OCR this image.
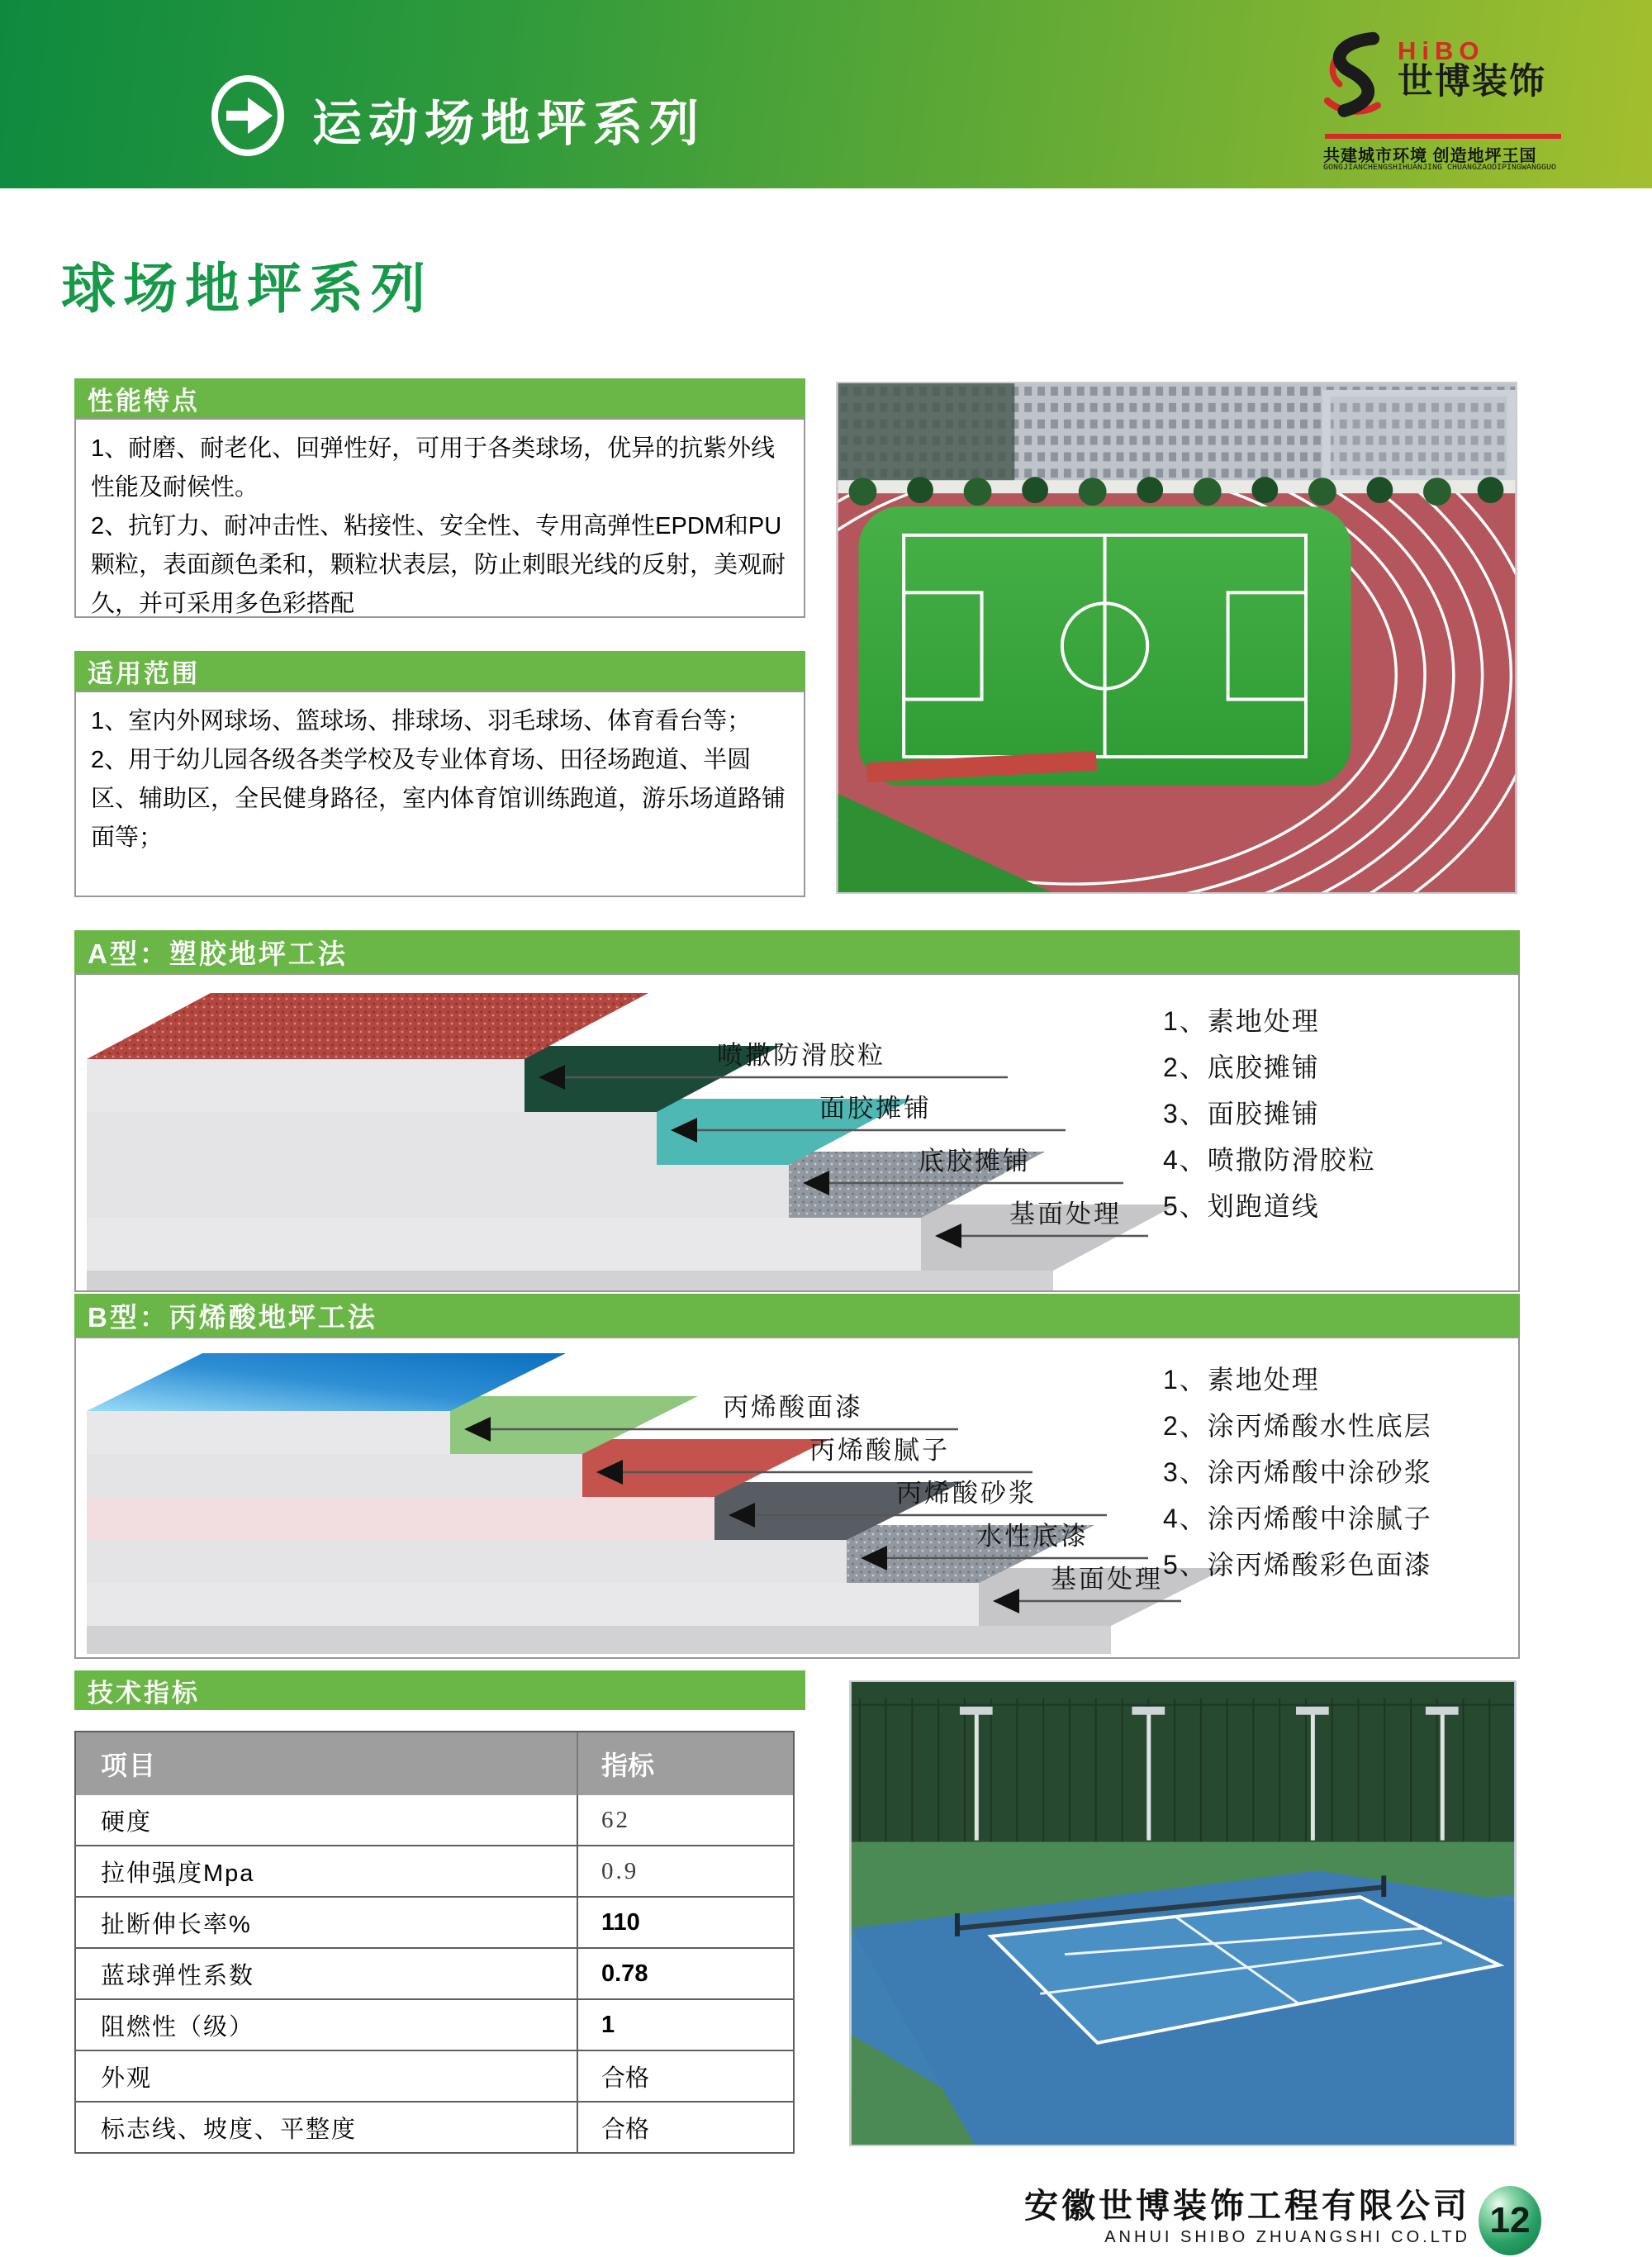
运动场地坪系列
HiBO
世博装饰
共建城市环境 创造地坪王国
GONGJIANCHENGSHIHUANJING CHUANGZAODIPINGWANGGUO
球场地坪系列
性能特点

1、耐磨、耐老化、回弹性好，可用于各类球场，优异的抗紫外线性能及耐候性。

2、抗钉力、耐冲击性、粘接性、安全性、专用高弹性EPDM和PU颗粒，表面颜色柔和，颗粒状表层，防止刺眼光线的反射，美观耐久，并可采用多色彩搭配

适用范围

1、室内外网球场、篮球场、排球场、羽毛球场、体育看台等；

2、用于幼儿园各级各类学校及专业体育场、田径场跑道、半圆区、辅助区，全民健身路径，室内体育馆训练跑道，游乐场道路铺面等；

A型：塑胶地坪工法
喷撒防滑胶粒
面胶摊铺
底胶摊铺
基面处理
1、素地处理
2、底胶摊铺
3、面胶摊铺
4、喷撒防滑胶粒
5、划跑道线
B型：丙烯酸地坪工法
丙烯酸面漆
丙烯酸腻子
丙烯酸砂浆
水性底漆
基面处理
1、素地处理
2、涂丙烯酸水性底层
3、涂丙烯酸中涂砂浆
4、涂丙烯酸中涂腻子
5、涂丙烯酸彩色面漆
技术指标
项目	指标
硬度	62
拉伸强度Mpa	0.9
扯断伸长率%	110
蓝球弹性系数	0.78
阻燃性（级）	1
外观	合格
标志线、坡度、平整度	合格
安徽世博装饰工程有限公司
ANHUI SHIBO ZHUANGSHI CO.LTD 12
